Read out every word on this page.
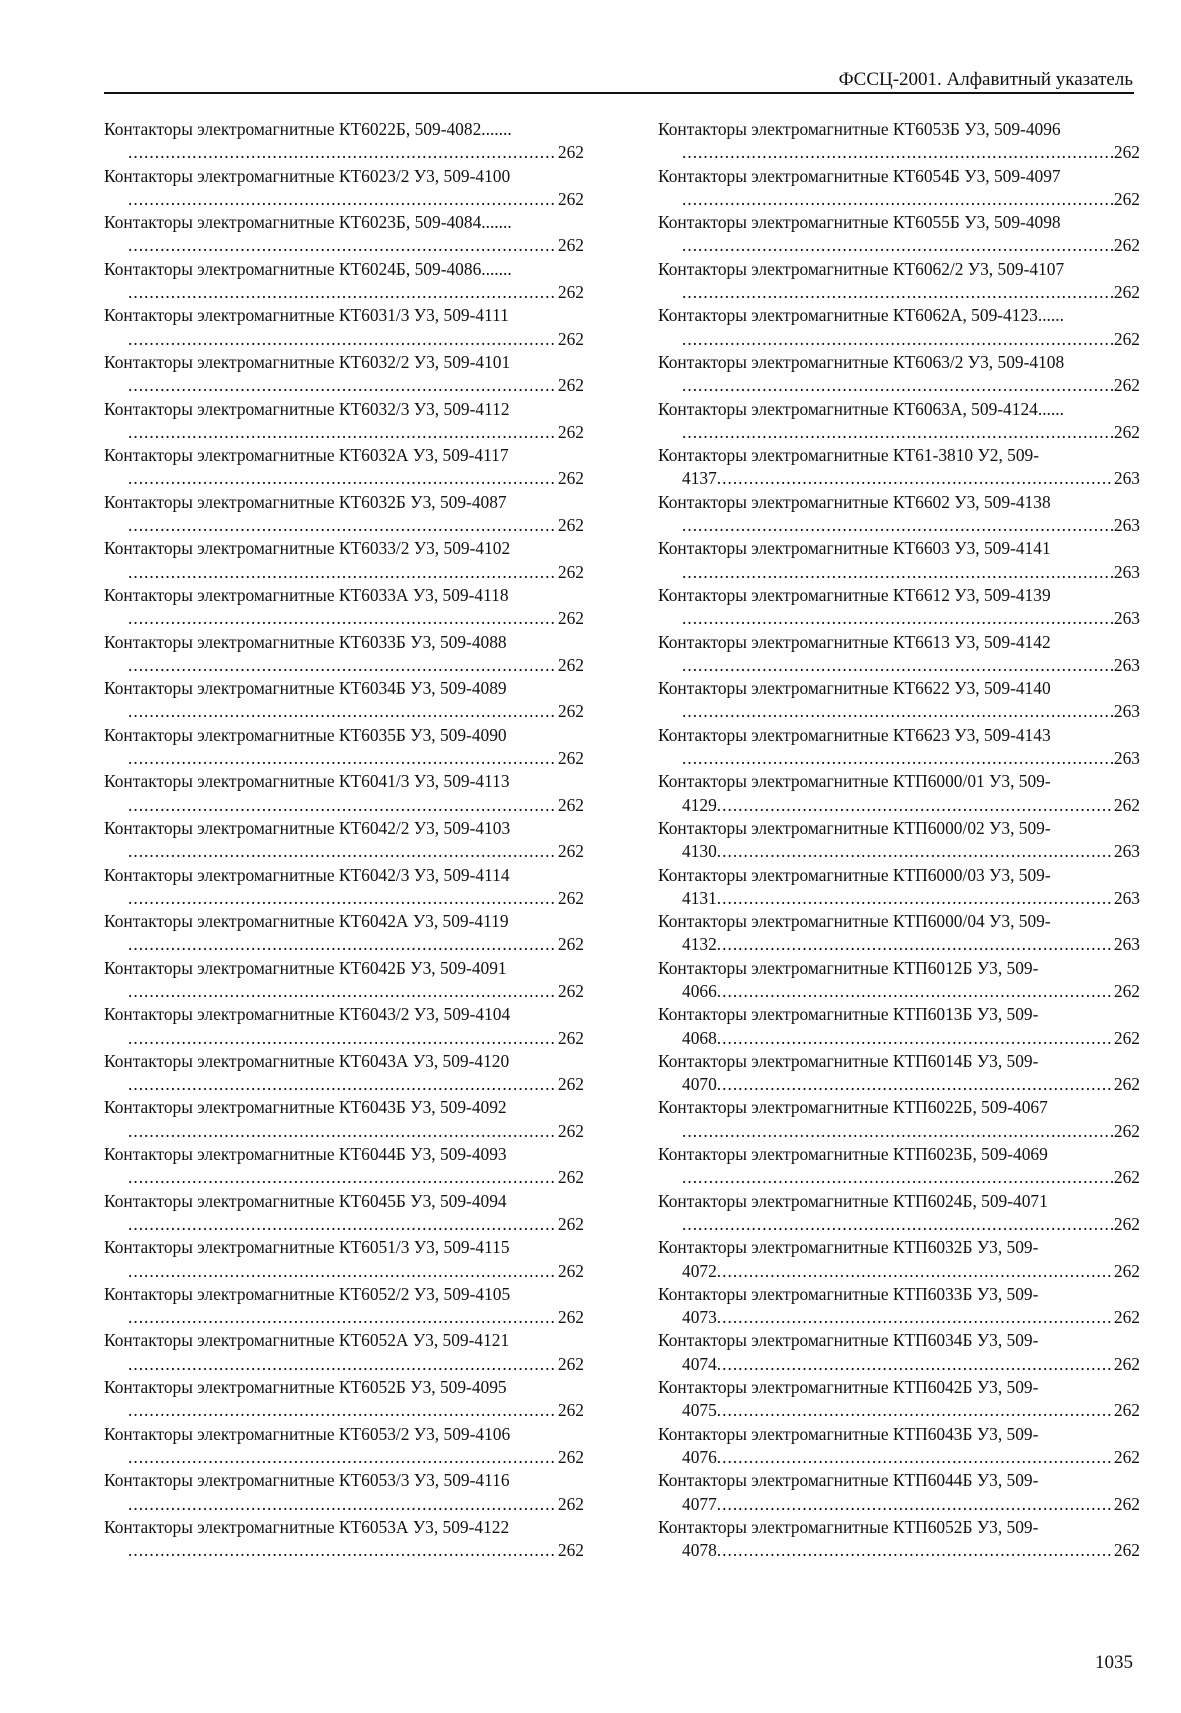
ФССЦ-2001. Алфавитный указатель
Контакторы электромагнитные КТ6022Б, 509-4082.......
.....
262
Контакторы электромагнитные КТ6023/2 У3, 509-4100
.....
262
Контакторы электромагнитные КТ6023Б, 509-4084.......
.....
262
Контакторы электромагнитные КТ6024Б, 509-4086.......
.....
262
Контакторы электромагнитные КТ6031/3 У3, 509-4111
.....
262
Контакторы электромагнитные КТ6032/2 У3, 509-4101
.....
262
Контакторы электромагнитные КТ6032/3 У3, 509-4112
.....
262
Контакторы электромагнитные КТ6032А У3, 509-4117
.....
262
Контакторы электромагнитные КТ6032Б У3, 509-4087
.....
262
Контакторы электромагнитные КТ6033/2 У3, 509-4102
.....
262
Контакторы электромагнитные КТ6033А У3, 509-4118
.....
262
Контакторы электромагнитные КТ6033Б У3, 509-4088
.....
262
Контакторы электромагнитные КТ6034Б У3, 509-4089
.....
262
Контакторы электромагнитные КТ6035Б У3, 509-4090
.....
262
Контакторы электромагнитные КТ6041/3 У3, 509-4113
.....
262
Контакторы электромагнитные КТ6042/2 У3, 509-4103
.....
262
Контакторы электромагнитные КТ6042/3 У3, 509-4114
.....
262
Контакторы электромагнитные КТ6042А У3, 509-4119
.....
262
Контакторы электромагнитные КТ6042Б У3, 509-4091
.....
262
Контакторы электромагнитные КТ6043/2 У3, 509-4104
.....
262
Контакторы электромагнитные КТ6043А У3, 509-4120
.....
262
Контакторы электромагнитные КТ6043Б У3, 509-4092
.....
262
Контакторы электромагнитные КТ6044Б У3, 509-4093
.....
262
Контакторы электромагнитные КТ6045Б У3, 509-4094
.....
262
Контакторы электромагнитные КТ6051/3 У3, 509-4115
.....
262
Контакторы электромагнитные КТ6052/2 У3, 509-4105
.....
262
Контакторы электромагнитные КТ6052А У3, 509-4121
.....
262
Контакторы электромагнитные КТ6052Б У3, 509-4095
.....
262
Контакторы электромагнитные КТ6053/2 У3, 509-4106
.....
262
Контакторы электромагнитные КТ6053/3 У3, 509-4116
.....
262
Контакторы электромагнитные КТ6053А У3, 509-4122
.....
262
Контакторы электромагнитные КТ6053Б У3, 509-4096
.....
262
Контакторы электромагнитные КТ6054Б У3, 509-4097
.....
262
Контакторы электромагнитные КТ6055Б У3, 509-4098
.....
262
Контакторы электромагнитные КТ6062/2 У3, 509-4107
.....
262
Контакторы электромагнитные КТ6062А, 509-4123......
.....
262
Контакторы электромагнитные КТ6063/2 У3, 509-4108
.....
262
Контакторы электромагнитные КТ6063А, 509-4124......
.....
262
Контакторы электромагнитные КТ61-3810 У2, 509-
4137 .....	263
Контакторы электромагнитные КТ6602 У3, 509-4138
.....
263
Контакторы электромагнитные КТ6603 У3, 509-4141
.....
263
Контакторы электромагнитные КТ6612 У3, 509-4139
.....
263
Контакторы электромагнитные КТ6613 У3, 509-4142
.....
263
Контакторы электромагнитные КТ6622 У3, 509-4140
.....
263
Контакторы электромагнитные КТ6623 У3, 509-4143
.....
263
Контакторы электромагнитные КТП6000/01 У3, 509-
4129 .....	262
Контакторы электромагнитные КТП6000/02 У3, 509-
4130 .....	263
Контакторы электромагнитные КТП6000/03 У3, 509-
4131 .....	263
Контакторы электромагнитные КТП6000/04 У3, 509-
4132 .....	263
Контакторы электромагнитные КТП6012Б У3, 509-
4066 .....	262
Контакторы электромагнитные КТП6013Б У3, 509-
4068 .....	262
Контакторы электромагнитные КТП6014Б У3, 509-
4070 .....	262
Контакторы электромагнитные КТП6022Б, 509-4067
.....
262
Контакторы электромагнитные КТП6023Б, 509-4069
.....
262
Контакторы электромагнитные КТП6024Б, 509-4071
.....
262
Контакторы электромагнитные КТП6032Б У3, 509-
4072 .....	262
Контакторы электромагнитные КТП6033Б У3, 509-
4073 .....	262
Контакторы электромагнитные КТП6034Б У3, 509-
4074 .....	262
Контакторы электромагнитные КТП6042Б У3, 509-
4075 .....	262
Контакторы электромагнитные КТП6043Б У3, 509-
4076 .....	262
Контакторы электромагнитные КТП6044Б У3, 509-
4077 .....	262
Контакторы электромагнитные КТП6052Б У3, 509-
4078 .....	262
1035
